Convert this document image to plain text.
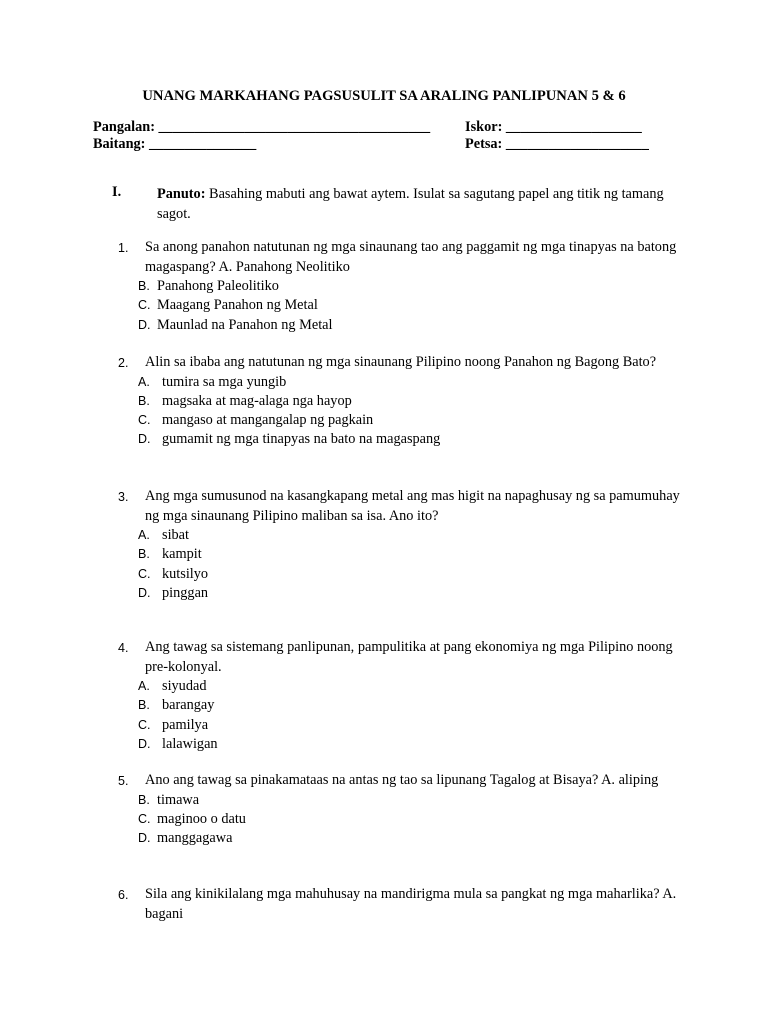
UNANG MARKAHANG PAGSUSULIT SA ARALING PANLIPUNAN 5 & 6
Pangalan: ______________________________________ Iskor: ___________________
Baitang: _______________	Petsa: ____________________
I.	Panuto: Basahing mabuti ang bawat aytem. Isulat sa sagutang papel ang titik ng tamang sagot.
1. Sa anong panahon natutunan ng mga sinaunang tao ang paggamit ng mga tinapyas na batong magaspang? A. Panahong Neolitiko
B. Panahong Paleolitiko
C. Maagang Panahon ng Metal
D. Maunlad na Panahon ng Metal
2. Alin sa ibaba ang natutunan ng mga sinaunang Pilipino noong Panahon ng Bagong Bato?
A. tumira sa mga yungib
B. magsaka at mag-alaga nga hayop
C. mangaso at mangangalap ng pagkain
D. gumamit ng mga tinapyas na bato na magaspang
3. Ang mga sumusunod na kasangkapang metal ang mas higit na napaghusay ng sa pamumuhay ng mga sinaunang Pilipino maliban sa isa. Ano ito?
A. sibat
B. kampit
C. kutsilyo
D. pinggan
4. Ang tawag sa sistemang panlipunan, pampulitika at pang ekonomiya ng mga Pilipino noong pre-kolonyal.
A. siyudad
B. barangay
C. pamilya
D. lalawigan
5. Ano ang tawag sa pinakamataas na antas ng tao sa lipunang Tagalog at Bisaya? A. aliping
B. timawa
C. maginoo o datu
D. manggagawa
6. Sila ang kinikilalang mga mahuhusay na mandirigma mula sa pangkat ng mga maharlika? A. bagani
